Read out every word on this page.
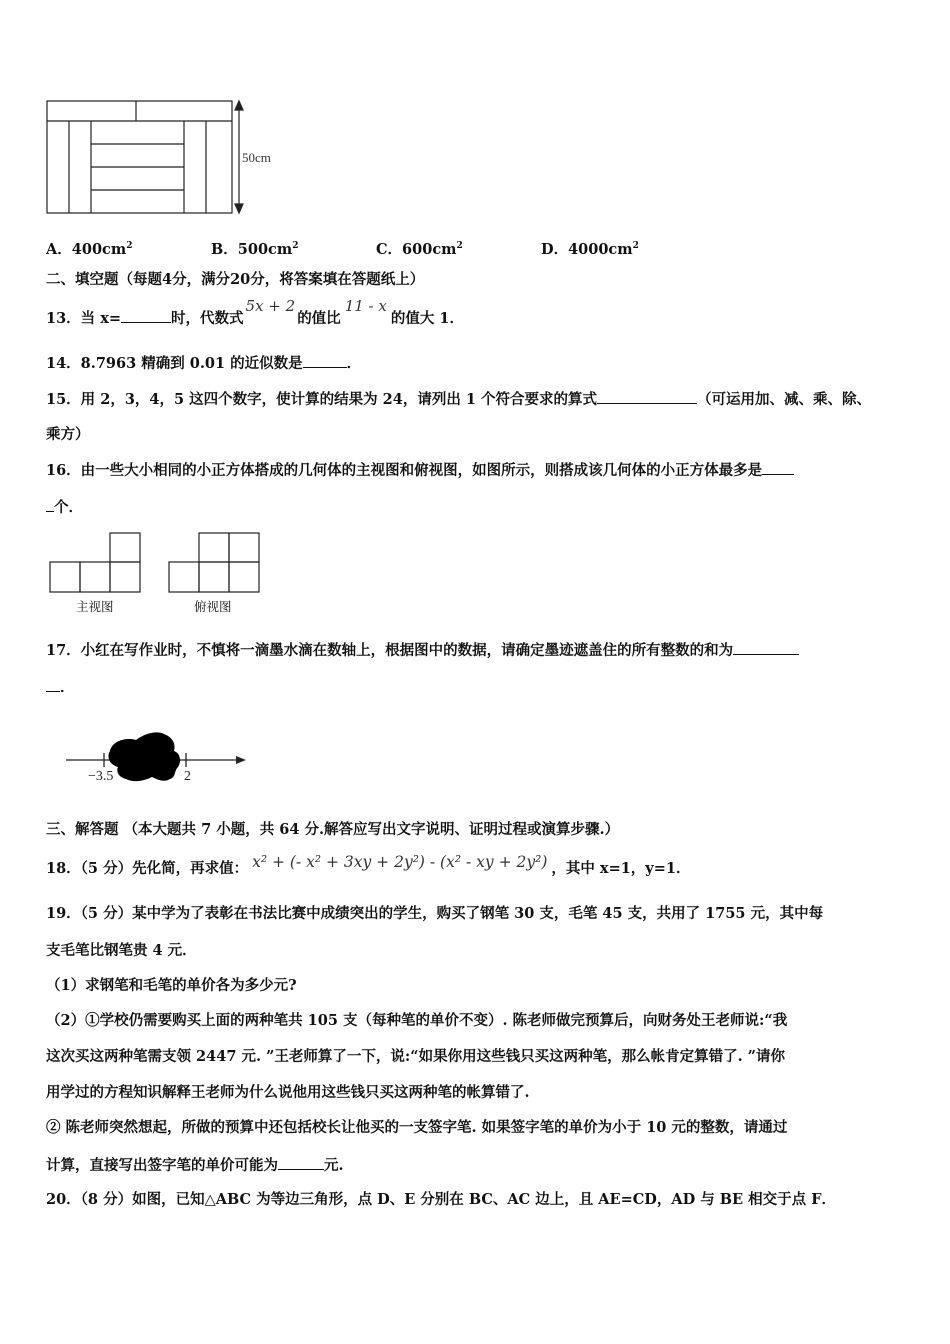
50cm
A．$400cm^2$	B．$500cm^2$	C．$600cm^2$	D．$4000cm^2$
二、填空题（每题4分，满分20分，将答案填在答题纸上）
13．当 x=	时，代数式5x + 2的值比11 - x的值大 1．
14．8.7963 精确到 0.01 的近似数是	．
15．用 2，3，4，5 这四个数字，使计算的结果为 24，请列出 1 个符合要求的算式	（可运用加、减、乘、除、
乘方）
16．由一些大小相同的小正方体搭成的几何体的主视图和俯视图，如图所示，则搭成该几何体的小正方体最多是
个．
主视图	俯视图
17．小红在写作业时，不慎将一滴墨水滴在数轴上，根据图中的数据，请确定墨迹遮盖住的所有整数的和为
．
−3.5	2
三、解答题 （本大题共 7 小题，共 64 分.解答应写出文字说明、证明过程或演算步骤.）
18．（5 分）先化简，再求值： x² + (- x² + 3xy + 2y²) - (x² - xy + 2y²) ，其中 x=1，y=1．
19．（5 分）某中学为了表彰在书法比赛中成绩突出的学生，购买了钢笔 30 支，毛笔 45 支，共用了 1755 元，其中每
支毛笔比钢笔贵 4 元．
（1）求钢笔和毛笔的单价各为多少元?
（2）①学校仍需要购买上面的两种笔共 105 支（每种笔的单价不变）. 陈老师做完预算后，向财务处王老师说:“我
这次买这两种笔需支领 2447 元. ”王老师算了一下，说:“如果你用这些钱只买这两种笔，那么帐肯定算错了. ”请你
用学过的方程知识解释王老师为什么说他用这些钱只买这两种笔的帐算错了.
② 陈老师突然想起，所做的预算中还包括校长让他买的一支签字笔. 如果签字笔的单价为小于 10 元的整数，请通过
计算，直接写出签字笔的单价可能为	元.
20．（8 分）如图，已知△ABC 为等边三角形，点 D、E 分别在 BC、AC 边上，且 AE=CD，AD 与 BE 相交于点 F．
